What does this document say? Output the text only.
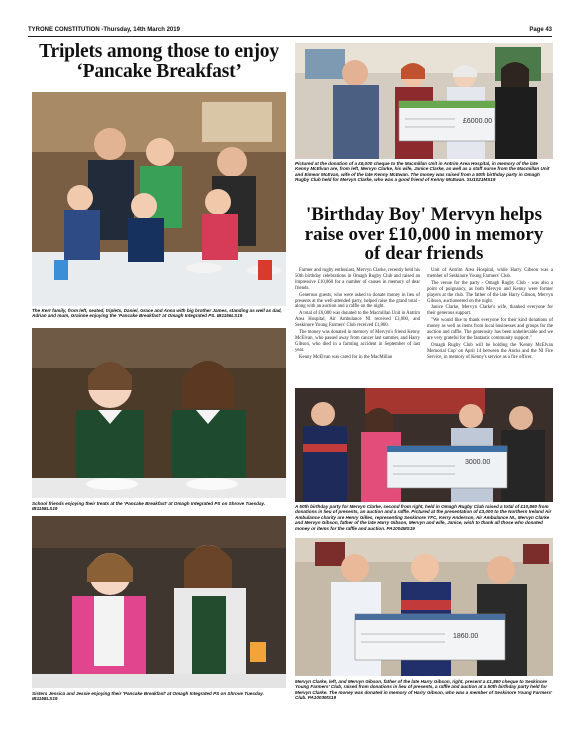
TYRONE CONSTITUTION -Thursday, 14th March 2019	Page 43
Triplets among those to enjoy ‘Pancake Breakfast’
The Kerr family, from left, seated, triplets, Daniel, Grace and Anna with big brother James, standing as well as dad, Adrian and mum, Grainne enjoying the ‘Pancake Breakfast’ at Omagh Integrated PS. IB1156LS19
School friends enjoying their treats at the ‘Pancake Breakfast’ at Omagh Integrated PS on Shrove Tuesday. IB1158LS19
Sisters Jessica and Jessie enjoying their ‘Pancake Breakfast’ at Omagh Integrated PS on Shrove Tuesday. IB1158LS19
£6000.00
Pictured at the donation of a £6,000 cheque to the Macmillan Unit in Antrim Area Hospital, in memory of the late Kenny McElvan are, from left, Mervyn Clarke, his wife, Janice Clarke, as well as a staff nurse from the Macmillan Unit and Eimear McEvan, wife of the late Kenny McEwan. The money was raised from a 50th birthday party in Omagh Rugby Club held for Mervyn Clarke, who was a good friend of Kenny McEwan. SU1021MS19
'Birthday Boy' Mervyn helps raise over £10,000 in memory of dear friends

Farmer and rugby enthusiast, Mervyn Clarke, recently held his 50th birthday celebrations in Omagh Rugby Club and raised an impressive £10,860 for a number of causes in memory of dear friends.

Generous guests, who were asked to donate money in lieu of presents at the well-attended party, helped raise the grand total - along with an auction and a raffle on the night.

A total of £6,000 was donated to the Macmillan Unit in Antrim Area Hospital, Air Ambulance NI received £3,000, and Seskinore Young Farmers' Club received £1,860.

The money was donated in memory of Mervyn's friend Kenny McElvan, who passed away from cancer last summer, and Harry Gibson, who died in a farming accident in September of last year.

Kenny McElvan was cared for in the MacMillan

Unit of Antrim Area Hospital, while Harry Gibson was a member of Seskinore Young Farmers' Club.

The venue for the party - Omagh Rugby Club - was also a point of poignancy, as both Mervyn and Kenny were former players at the club. The father of the late Harry Gibson, Mervyn Gibson, auctioneered on the night.

Janice Clarke, Mervyn Clarke's wife, thanked everyone for their generous support.

"We would like to thank everyone for their kind donations of money as well as items from local businesses and groups for the auction and raffle. The generosity has been unbelievable and we are very grateful for the fantastic community support."

Omagh Rugby Club will be holding the 'Kenny McElvan Memorial Cup' on April 14 between the Ancks and the NI Fire Service, in memory of Kenny's service as a fire officer.

3000.00
A 50th birthday party for Mervyn Clarke, second from right, held in Omagh Rugby Club raised a total of £10,860 from donations in lieu of presents, an auction and a raffle. Pictured at the presentation of £3,000 to the Northern Ireland Air Ambulance charity are Henry Gilles, representing Seskinore YFC, Kerry Anderson, Air Ambulance NI., Mervyn Clarke and Mervyn Gibson, father of the late Harry Gibson, Mervyn and wife, Janice, wish to thank all those who donated money or items for the raffle and auction. PA1004MS19
1860.00
Mervyn Clarke, left, and Mervyn Gibson, father of the late Harry Gibson, right, present a £1,860 cheque to Seskinore Young Farmers' Club, raised from donations in lieu of presents, a raffle and auction at a 50th birthday party held for Mervyn Clarke. The money was donated in memory of Harry Gibson, who was a member of Seskinore Young Farmers' Club. PA1003MS19
